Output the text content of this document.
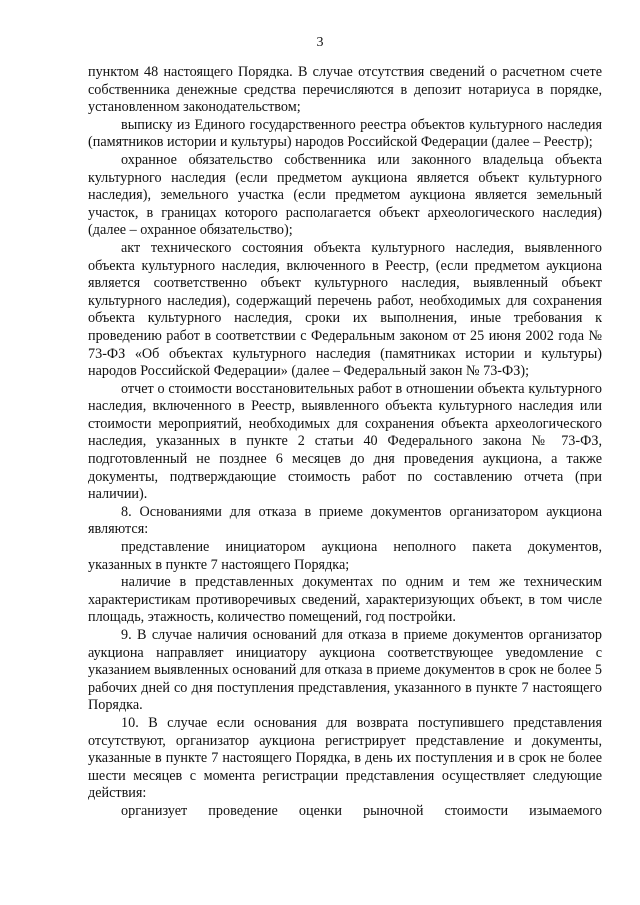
3

пунктом 48 настоящего Порядка. В случае отсутствия сведений о расчетном счете собственника денежные средства перечисляются в депозит нотариуса в порядке, установленном законодательством;

выписку из Единого государственного реестра объектов культурного наследия (памятников истории и культуры) народов Российской Федерации (далее – Реестр);

охранное обязательство собственника или законного владельца объекта культурного наследия (если предметом аукциона является объект культурного наследия), земельного участка (если предметом аукциона является земельный участок, в границах которого располагается объект археологического наследия) (далее – охранное обязательство);

акт технического состояния объекта культурного наследия, выявленного объекта культурного наследия, включенного в Реестр, (если предметом аукциона является соответственно объект культурного наследия, выявленный объект культурного наследия), содержащий перечень работ, необходимых для сохранения объекта культурного наследия, сроки их выполнения, иные требования к проведению работ в соответствии с Федеральным законом от 25 июня 2002 года № 73-ФЗ «Об объектах культурного наследия (памятниках истории и культуры) народов Российской Федерации» (далее – Федеральный закон № 73-ФЗ);

отчет о стоимости восстановительных работ в отношении объекта культурного наследия, включенного в Реестр, выявленного объекта культурного наследия или стоимости мероприятий, необходимых для сохранения объекта археологического наследия, указанных в пункте 2 статьи 40 Федерального закона № 73-ФЗ, подготовленный не позднее 6 месяцев до дня проведения аукциона, а также документы, подтверждающие стоимость работ по составлению отчета (при наличии).

8. Основаниями для отказа в приеме документов организатором аукциона являются:

представление инициатором аукциона неполного пакета документов, указанных в пункте 7 настоящего Порядка;

наличие в представленных документах по одним и тем же техническим характеристикам противоречивых сведений, характеризующих объект, в том числе площадь, этажность, количество помещений, год постройки.

9. В случае наличия оснований для отказа в приеме документов организатор аукциона направляет инициатору аукциона соответствующее уведомление с указанием выявленных оснований для отказа в приеме документов в срок не более 5 рабочих дней со дня поступления представления, указанного в пункте 7 настоящего Порядка.

10. В случае если основания для возврата поступившего представления отсутствуют, организатор аукциона регистрирует представление и документы, указанные в пункте 7 настоящего Порядка, в день их поступления и в срок не более шести месяцев с момента регистрации представления осуществляет следующие действия:

организует проведение оценки рыночной стоимости изымаемого
